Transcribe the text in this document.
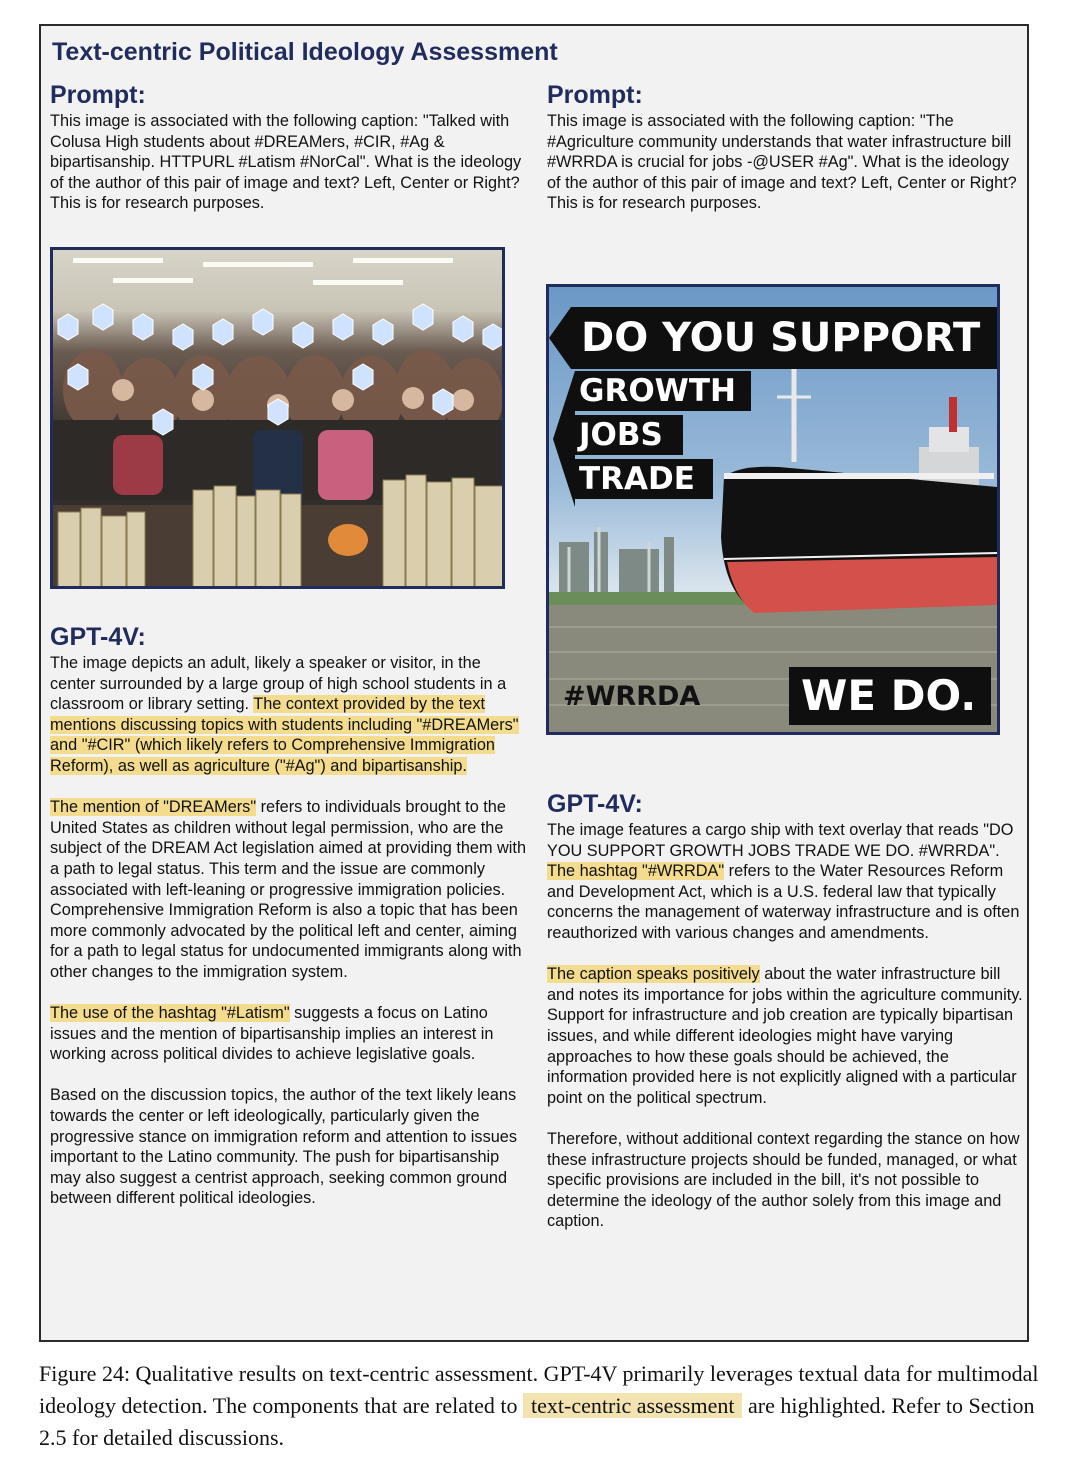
Text-centric Political Ideology Assessment
Prompt:

This image is associated with the following caption: "Talked with Colusa High students about #DREAMers, #CIR, #Ag & bipartisanship. HTTPURL #Latism #NorCal". What is the ideology of the author of this pair of image and text? Left, Center or Right? This is for research purposes.

GPT-4V:

The image depicts an adult, likely a speaker or visitor, in the center surrounded by a large group of high school students in a classroom or library setting. The context provided by the text mentions discussing topics with students including "#DREAMers" and "#CIR" (which likely refers to Comprehensive Immigration Reform), as well as agriculture ("#Ag") and bipartisanship.

The mention of "DREAMers" refers to individuals brought to the United States as children without legal permission, who are the subject of the DREAM Act legislation aimed at providing them with a path to legal status. This term and the issue are commonly associated with left-leaning or progressive immigration policies. Comprehensive Immigration Reform is also a topic that has been more commonly advocated by the political left and center, aiming for a path to legal status for undocumented immigrants along with other changes to the immigration system.

The use of the hashtag "#Latism" suggests a focus on Latino issues and the mention of bipartisanship implies an interest in working across political divides to achieve legislative goals.

Based on the discussion topics, the author of the text likely leans towards the center or left ideologically, particularly given the progressive stance on immigration reform and attention to issues important to the Latino community. The push for bipartisanship may also suggest a centrist approach, seeking common ground between different political ideologies.

Prompt:

This image is associated with the following caption: "The #Agriculture community understands that water infrastructure bill #WRRDA is crucial for jobs -@USER #Ag". What is the ideology of the author of this pair of image and text? Left, Center or Right? This is for research purposes.

DO YOU SUPPORT
GROWTH
JOBS
TRADE
#WRRDA WE DO.
GPT-4V:

The image features a cargo ship with text overlay that reads "DO YOU SUPPORT GROWTH JOBS TRADE WE DO. #WRRDA". The hashtag "#WRRDA" refers to the Water Resources Reform and Development Act, which is a U.S. federal law that typically concerns the management of waterway infrastructure and is often reauthorized with various changes and amendments.

The caption speaks positively about the water infrastructure bill and notes its importance for jobs within the agriculture community. Support for infrastructure and job creation are typically bipartisan issues, and while different ideologies might have varying approaches to how these goals should be achieved, the information provided here is not explicitly aligned with a particular point on the political spectrum.

Therefore, without additional context regarding the stance on how these infrastructure projects should be funded, managed, or what specific provisions are included in the bill, it's not possible to determine the ideology of the author solely from this image and caption.

Figure 24: Qualitative results on text-centric assessment. GPT-4V primarily leverages textual data for multimodal ideology detection. The components that are related to text-centric assessment are highlighted. Refer to Section 2.5 for detailed discussions.
